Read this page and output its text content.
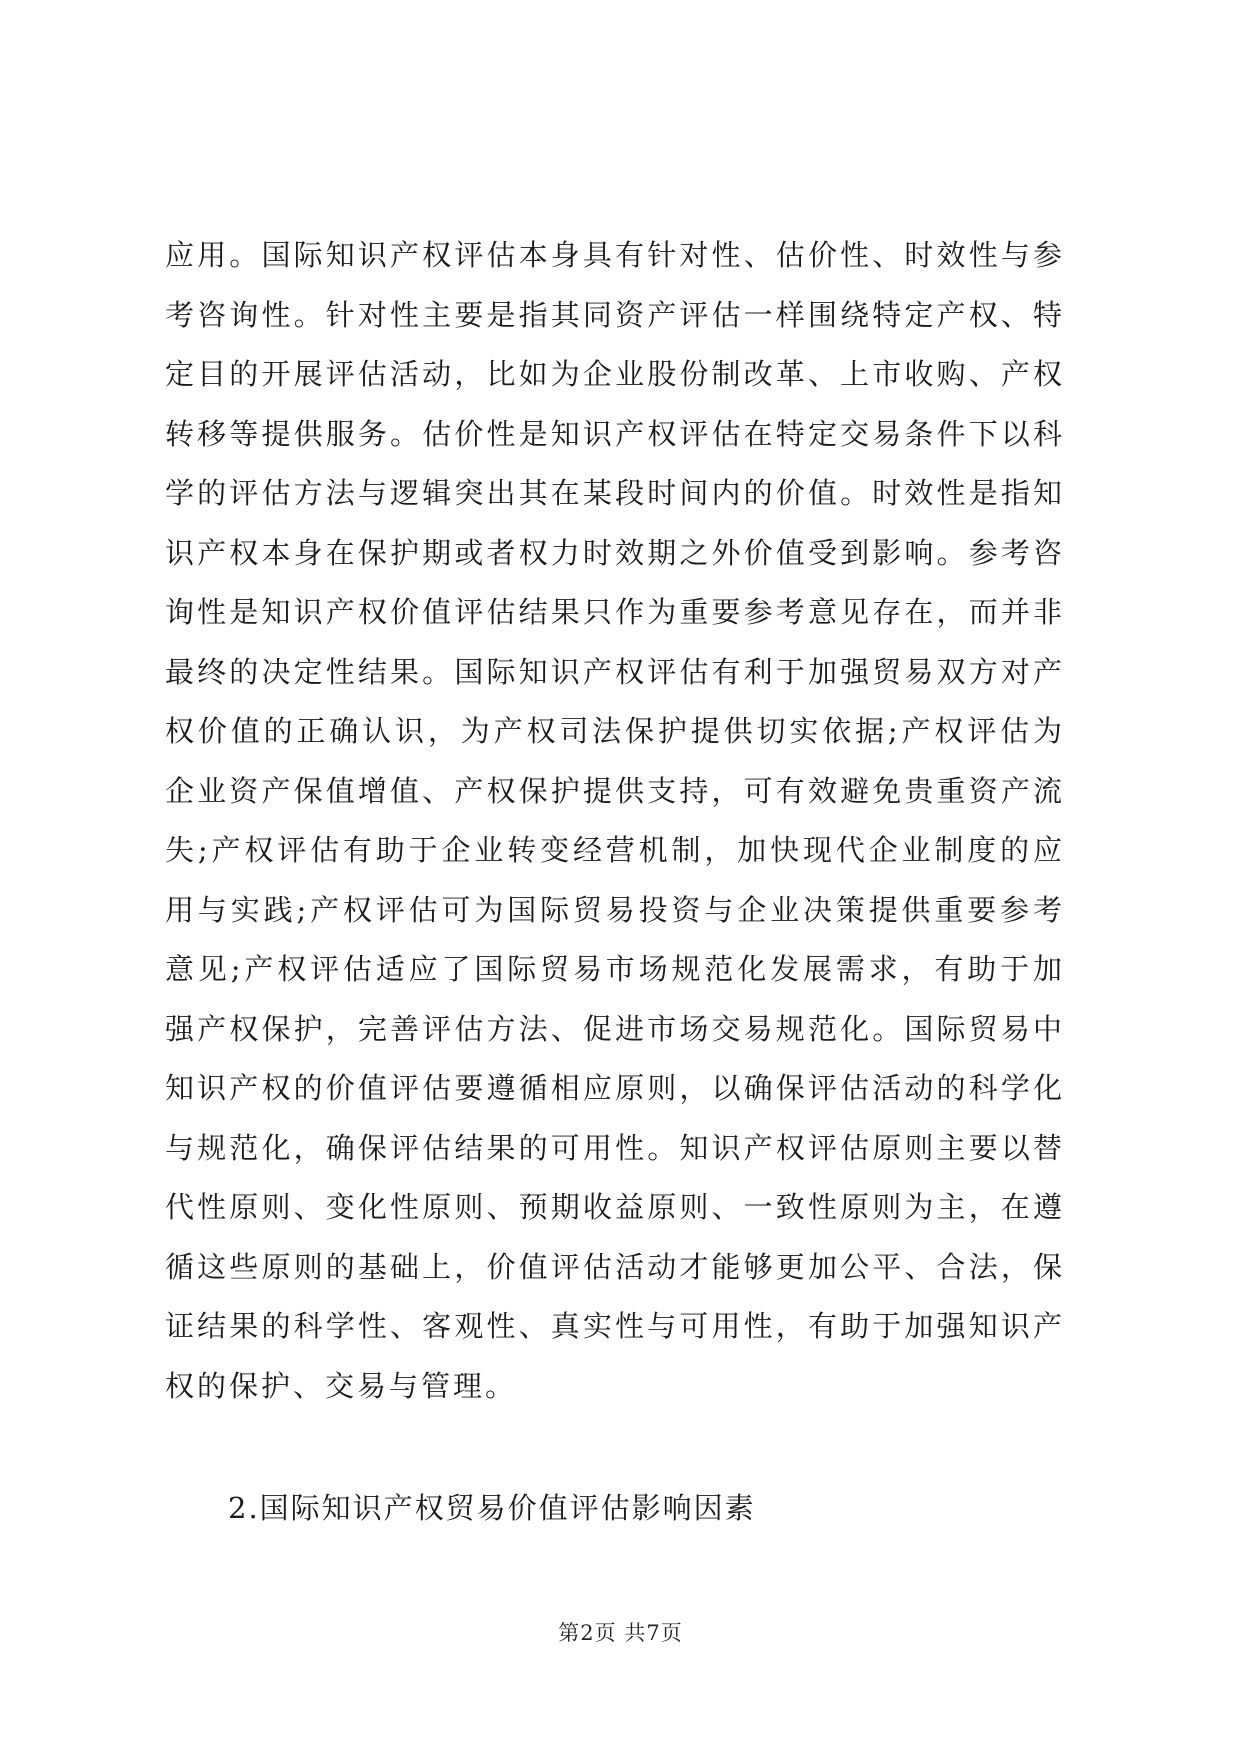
应用。国际知识产权评估本身具有针对性、估价性、时效性与参
考咨询性。针对性主要是指其同资产评估一样围绕特定产权、特
定目的开展评估活动，比如为企业股份制改革、上市收购、产权
转移等提供服务。估价性是知识产权评估在特定交易条件下以科
学的评估方法与逻辑突出其在某段时间内的价值。时效性是指知
识产权本身在保护期或者权力时效期之外价值受到影响。参考咨
询性是知识产权价值评估结果只作为重要参考意见存在，而并非
最终的决定性结果。国际知识产权评估有利于加强贸易双方对产
权价值的正确认识，为产权司法保护提供切实依据;产权评估为
企业资产保值增值、产权保护提供支持，可有效避免贵重资产流
失;产权评估有助于企业转变经营机制，加快现代企业制度的应
用与实践;产权评估可为国际贸易投资与企业决策提供重要参考
意见;产权评估适应了国际贸易市场规范化发展需求，有助于加
强产权保护，完善评估方法、促进市场交易规范化。国际贸易中
知识产权的价值评估要遵循相应原则，以确保评估活动的科学化
与规范化，确保评估结果的可用性。知识产权评估原则主要以替
代性原则、变化性原则、预期收益原则、一致性原则为主，在遵
循这些原则的基础上，价值评估活动才能够更加公平、合法，保
证结果的科学性、客观性、真实性与可用性，有助于加强知识产
权的保护、交易与管理。
2.国际知识产权贸易价值评估影响因素
第2页 共7页
